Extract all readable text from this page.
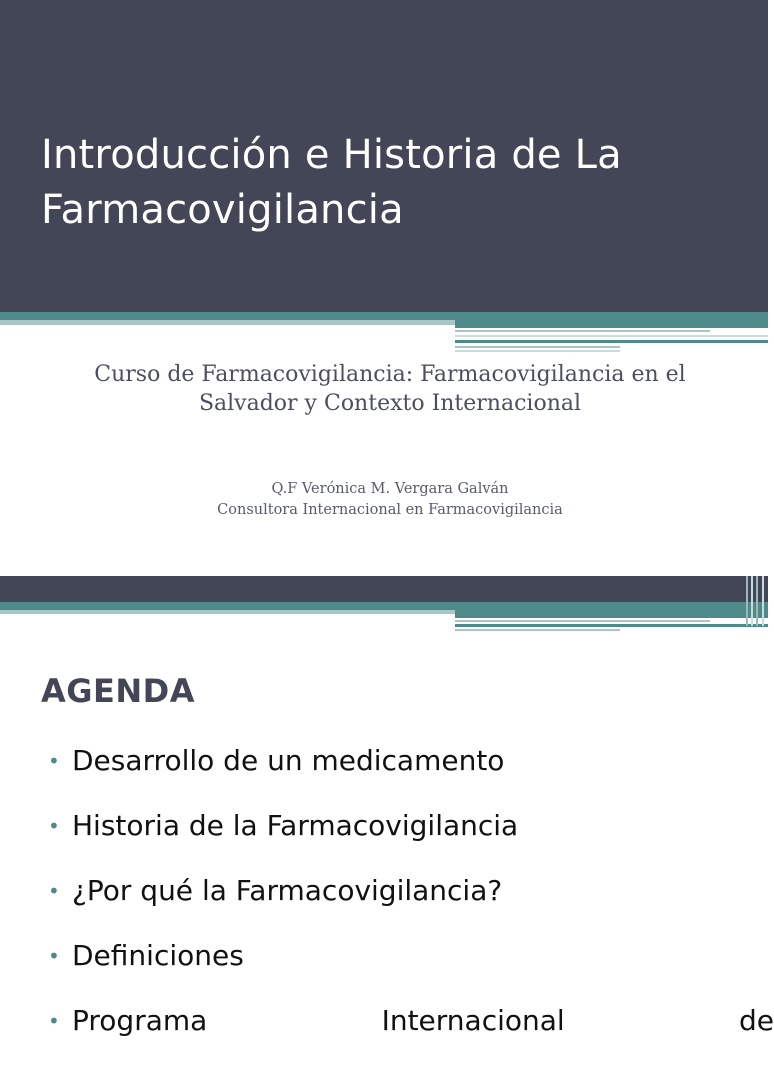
Introducción e Historia de La
Farmacovigilancia

Curso de Farmacovigilancia: Farmacovigilancia en el
Salvador y Contexto Internacional

Q.F Verónica M. Vergara Galván
Consultora Internacional en Farmacovigilancia

AGENDA
• Desarrollo de un medicamento
• Historia de la Farmacovigilancia
• ¿Por qué la Farmacovigilancia?
• Definiciones
• Programa	Internacional	de
